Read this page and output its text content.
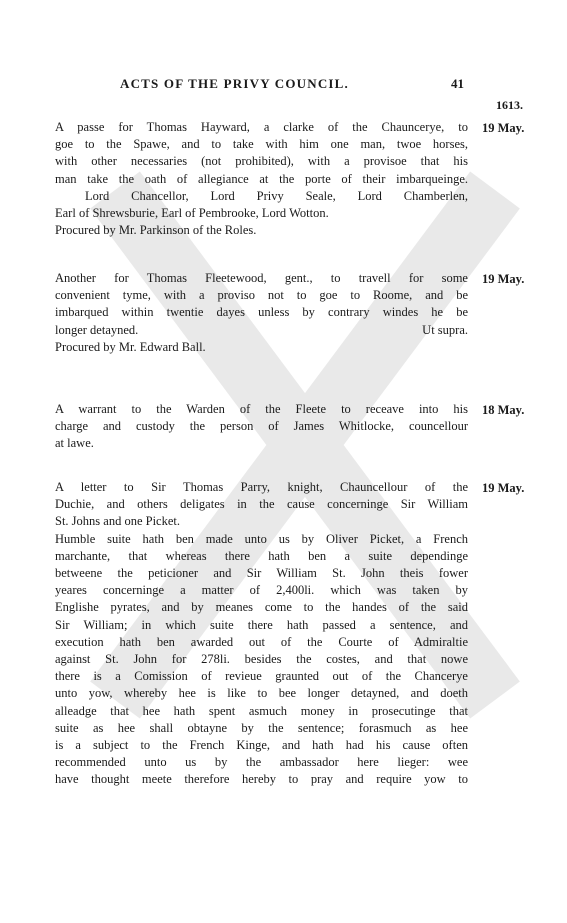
ACTS OF THE PRIVY COUNCIL.	41
1613.
19 May.

A passe for Thomas Hayward, a clarke of the Chaunceryе, to

goe to the Spawe, and to take with him one man, twoe horses,

with other necessaries (not prohibited), with a provisoe that his

man take the oath of allegiance at the porte of their imbarqueinge.

Lord Chancellor, Lord Privy Seale, Lord Chamberlen,

Earl of Shrewsburie, Earl of Pembrooke, Lord Wotton.

Procured by Mr. Parkinson of the Roles.

19 May.

Another for Thomas Fleetewood, gent., to travell for some

convenient tyme, with a proviso not to goe to Roome, and be

imbarqued within twentie dayes unless by contrary windes he be

longer detayned.	Ut supra.

Procured by Mr. Edward Ball.

18 May.

A warrant to the Warden of the Fleete to receave into his

charge and custody the person of James Whitlocke, councellour

at lawe.

19 May.

A letter to Sir Thomas Parry, knight, Chauncellour of the

Duchie, and others deligates in the cause concerninge Sir William

St. Johns and one Picket.

Humble suite hath ben made unto us by Oliver Picket, a French

marchante, that whereas there hath ben a suite dependinge

betweene the peticioner and Sir William St. John theis fower

yeares concerninge a matter of 2,400li. which was taken by

Englishe pyrates, and by meanes come to the handes of the said

Sir William; in which suite there hath passed a sentence, and

execution hath ben awarded out of the Courte of Admiraltie

against St. John for 278li. besides the costes, and that nowe

there is a Comission of revieue graunted out of the Chancerye

unto yow, whereby hee is like to bee longer detayned, and doeth

alleadge that hee hath spent asmuch money in prosecutinge that

suite as hee shall obtayne by the sentence; forasmuch as hee

is a subject to the French Kinge, and hath had his cause often

recommended unto us by the ambassador here lieger: wee

have thought meete therefore hereby to pray and require yow to
